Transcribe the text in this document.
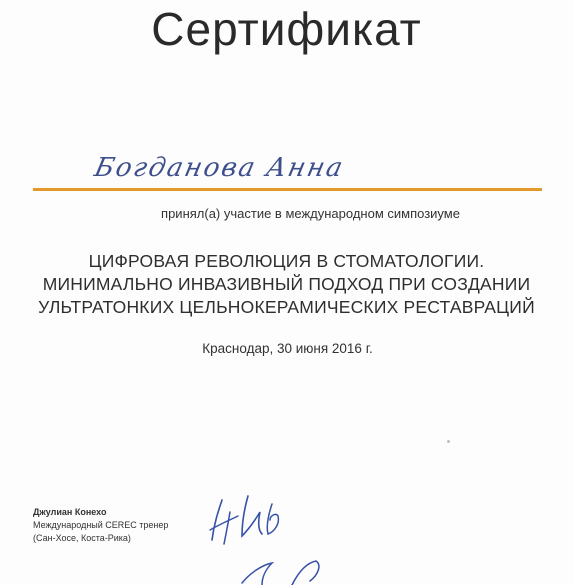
Сертификат
Богданова Анна
принял(а) участие в международном симпозиуме
ЦИФРОВАЯ РЕВОЛЮЦИЯ В СТОМАТОЛОГИИ.
МИНИМАЛЬНО ИНВАЗИВНЫЙ ПОДХОД ПРИ СОЗДАНИИ
УЛЬТРАТОНКИХ ЦЕЛЬНОКЕРАМИЧЕСКИХ РЕСТАВРАЦИЙ
Краснодар, 30 июня 2016 г.
Джулиан Конехо
Международный CEREC тренер
(Сан-Хосе, Коста-Рика)
